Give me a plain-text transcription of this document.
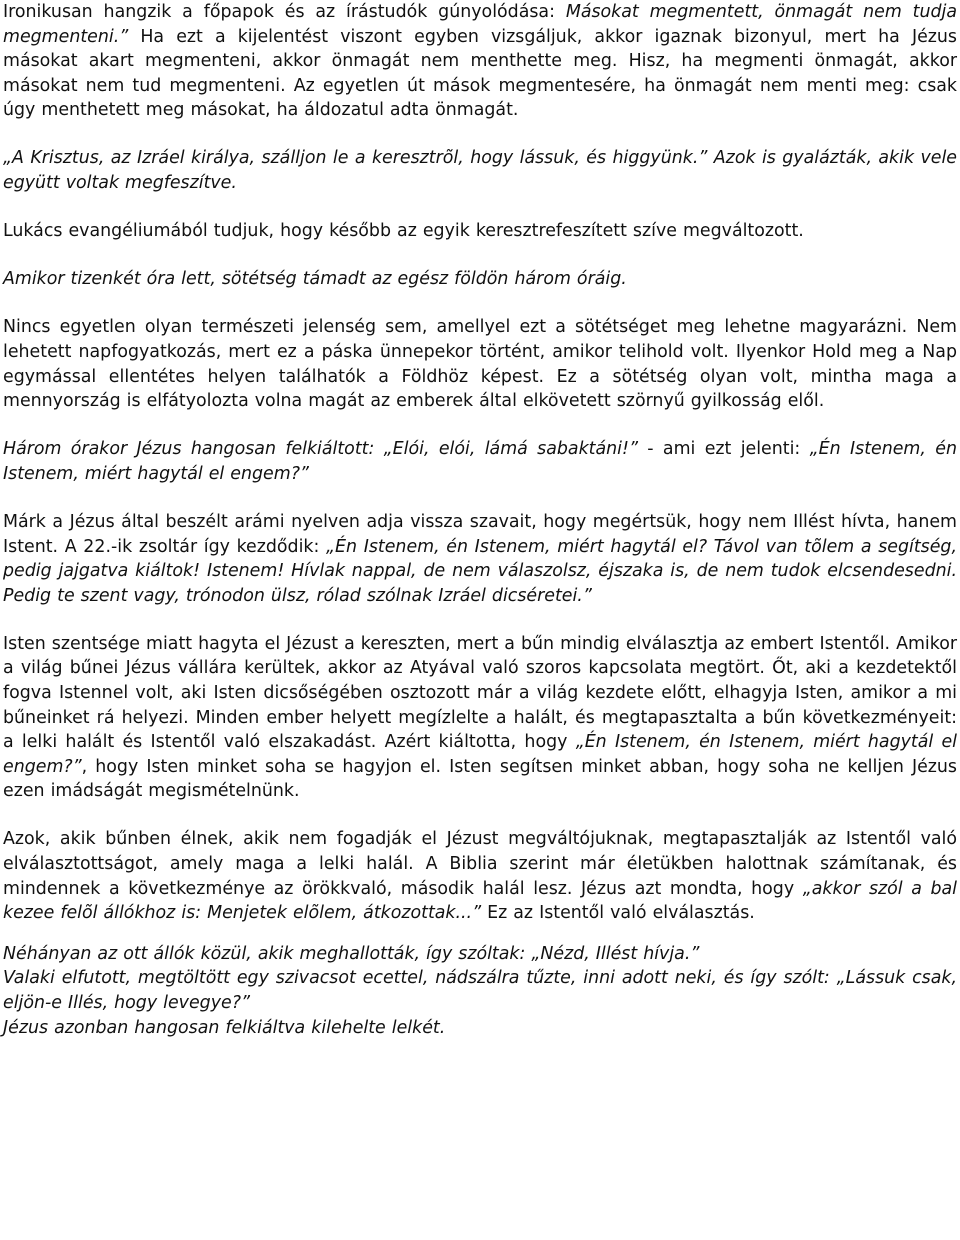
Ironikusan hangzik a főpapok és az írástudók gúnyolódása: Másokat megmentett, önmagát nem tudja megmenteni.” Ha ezt a kijelentést viszont egyben vizsgáljuk, akkor igaznak bizonyul, mert ha Jézus másokat akart megmenteni, akkor önmagát nem menthette meg. Hisz, ha megmenti önmagát, akkor másokat nem tud megmenteni. Az egyetlen út mások megmentesére, ha önmagát nem menti meg: csak úgy menthetett meg másokat, ha áldozatul adta önmagát.

„A Krisztus, az Izráel királya, szálljon le a keresztrõl, hogy lássuk, és higgyünk.” Azok is gyalázták, akik vele együtt voltak megfeszítve.

Lukács evangéliumából tudjuk, hogy később az egyik keresztrefeszített szíve megváltozott.

Amikor tizenkét óra lett, sötétség támadt az egész földön három óráig.

Nincs egyetlen olyan természeti jelenség sem, amellyel ezt a sötétséget meg lehetne magyarázni. Nem lehetett napfogyatkozás, mert ez a páska ünnepekor történt, amikor telihold volt. Ilyenkor Hold meg a Nap egymással ellentétes helyen találhatók a Földhöz képest. Ez a sötétség olyan volt, mintha maga a mennyország is elfátyolozta volna magát az emberek által elkövetett szörnyű gyilkosság elől.

Három órakor Jézus hangosan felkiáltott: „Elói, elói, lámá sabaktáni!” - ami ezt jelenti: „Én Istenem, én Istenem, miért hagytál el engem?”

Márk a Jézus által beszélt arámi nyelven adja vissza szavait, hogy megértsük, hogy nem Illést hívta, hanem Istent. A 22.-ik zsoltár így kezdődik: „Én Istenem, én Istenem, miért hagytál el? Távol van tõlem a segítség, pedig jajgatva kiáltok! Istenem! Hívlak nappal, de nem válaszolsz, éjszaka is, de nem tudok elcsendesedni. Pedig te szent vagy, trónodon ülsz, rólad szólnak Izráel dicséretei.”

Isten szentsége miatt hagyta el Jézust a kereszten, mert a bűn mindig elválasztja az embert Istentől. Amikor a világ bűnei Jézus vállára kerültek, akkor az Atyával való szoros kapcsolata megtört. Őt, aki a kezdetektől fogva Istennel volt, aki Isten dicsőségében osztozott már a világ kezdete előtt, elhagyja Isten, amikor a mi bűneinket rá helyezi. Minden ember helyett megízlelte a halált, és megtapasztalta a bűn következményeit: a lelki halált és Istentől való elszakadást. Azért kiáltotta, hogy „Én Istenem, én Istenem, miért hagytál el engem?”, hogy Isten minket soha se hagyjon el. Isten segítsen minket abban, hogy soha ne kelljen Jézus ezen imádságát megismételnünk.

Azok, akik bűnben élnek, akik nem fogadják el Jézust megváltójuknak, megtapasztalják az Istentől való elválasztottságot, amely maga a lelki halál. A Biblia szerint már életükben halottnak számítanak, és mindennek a következménye az örökkvaló, második halál lesz. Jézus azt mondta, hogy „akkor szól a bal kezee felõl állókhoz is: Menjetek elõlem, átkozottak...” Ez az Istentől való elválasztás.

Néhányan az ott állók közül, akik meghallották, így szóltak: „Nézd, Illést hívja.”

Valaki elfutott, megtöltött egy szivacsot ecettel, nádszálra tűzte, inni adott neki, és így szólt: „Lássuk csak, eljön-e Illés, hogy levegye?”

Jézus azonban hangosan felkiáltva kilehelte lelkét.
